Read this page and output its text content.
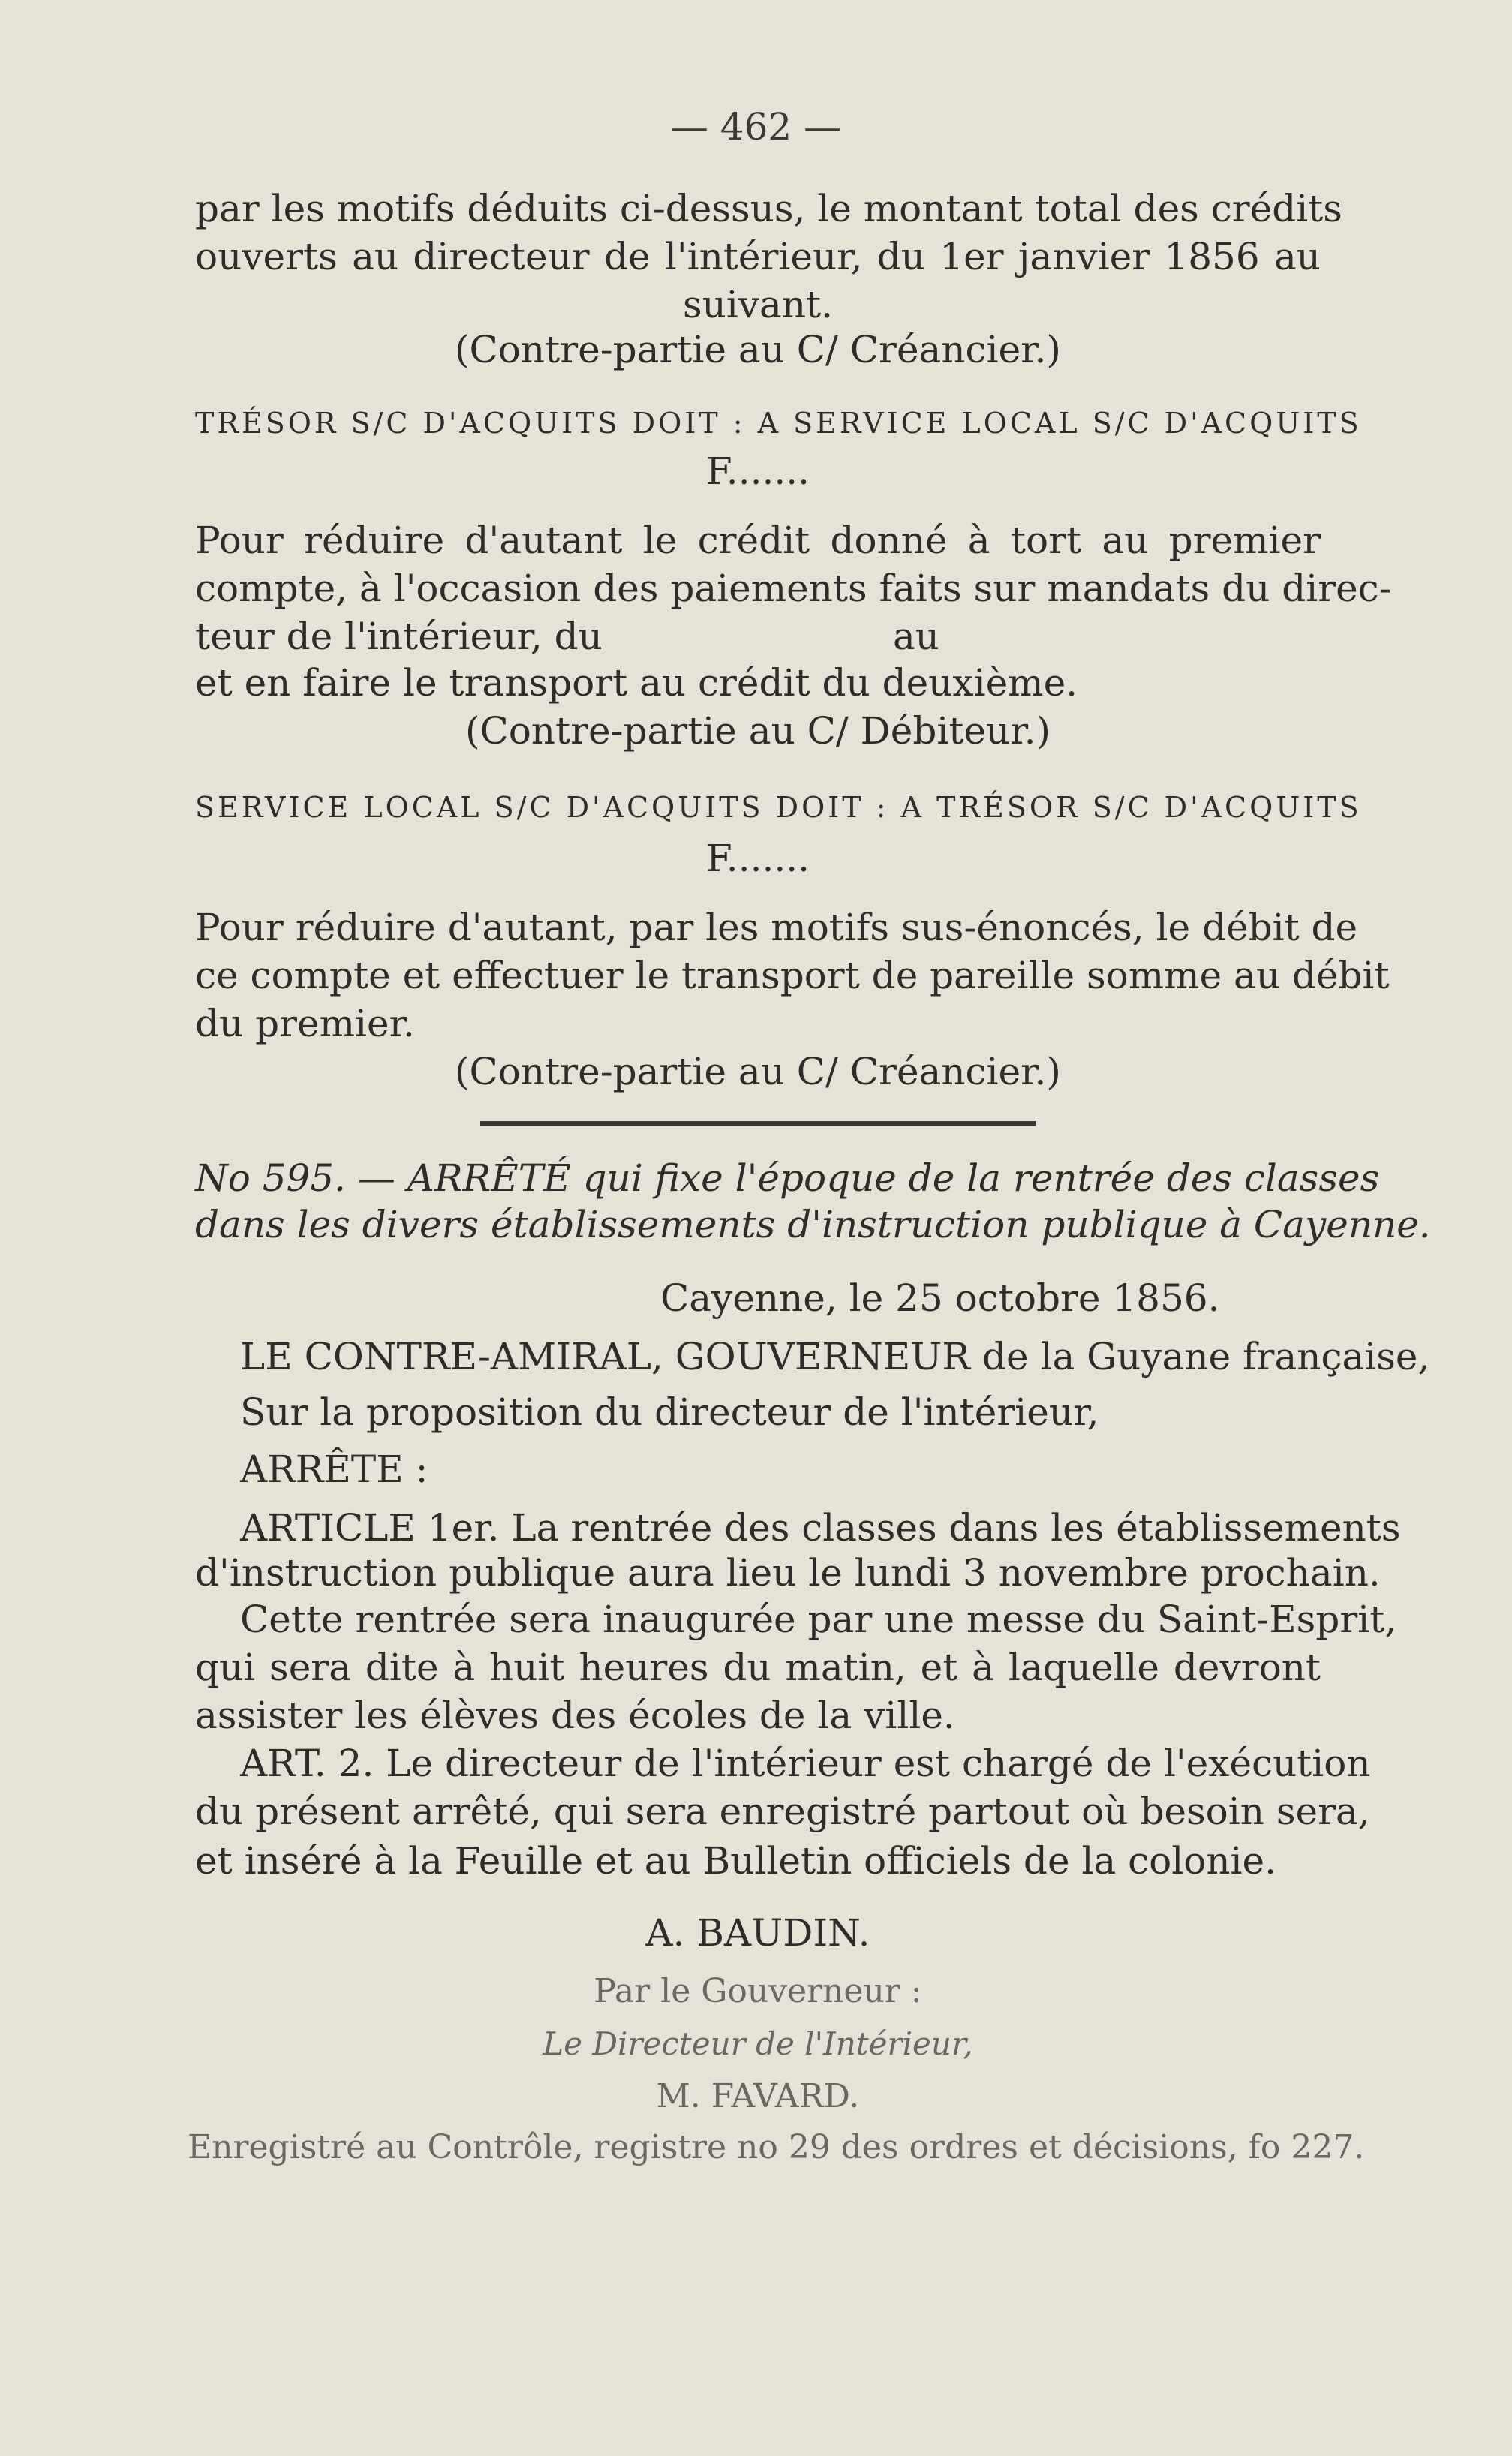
— 462 —
par les motifs déduits ci-dessus, le montant total des crédits
ouverts au directeur de l'intérieur, du 1er janvier 1856 au
suivant.
(Contre-partie au C/ Créancier.)
TRÉSOR S/C D'ACQUITS DOIT : A SERVICE LOCAL S/C D'ACQUITS
F.......
Pour réduire d'autant le crédit donné à tort au premier
compte, à l'occasion des paiements faits sur mandats du direc-
teur de l'intérieur, du	au
et en faire le transport au crédit du deuxième.
(Contre-partie au C/ Débiteur.)
SERVICE LOCAL S/C D'ACQUITS DOIT : A TRÉSOR S/C D'ACQUITS
F.......
Pour réduire d'autant, par les motifs sus-énoncés, le débit de
ce compte et effectuer le transport de pareille somme au débit
du premier.
(Contre-partie au C/ Créancier.)
No 595. — ARRÊTÉ qui fixe l'époque de la rentrée des classes
dans les divers établissements d'instruction publique à Cayenne.
Cayenne, le 25 octobre 1856.
LE CONTRE-AMIRAL, GOUVERNEUR de la Guyane française,
Sur la proposition du directeur de l'intérieur,
ARRÊTE :
ARTICLE 1er. La rentrée des classes dans les établissements
d'instruction publique aura lieu le lundi 3 novembre prochain.
Cette rentrée sera inaugurée par une messe du Saint-Esprit,
qui sera dite à huit heures du matin, et à laquelle devront
assister les élèves des écoles de la ville.
ART. 2. Le directeur de l'intérieur est chargé de l'exécution
du présent arrêté, qui sera enregistré partout où besoin sera,
et inséré à la Feuille et au Bulletin officiels de la colonie.
A. BAUDIN.
Par le Gouverneur :
Le Directeur de l'Intérieur,
M. FAVARD.
Enregistré au Contrôle, registre no 29 des ordres et décisions, fo 227.
